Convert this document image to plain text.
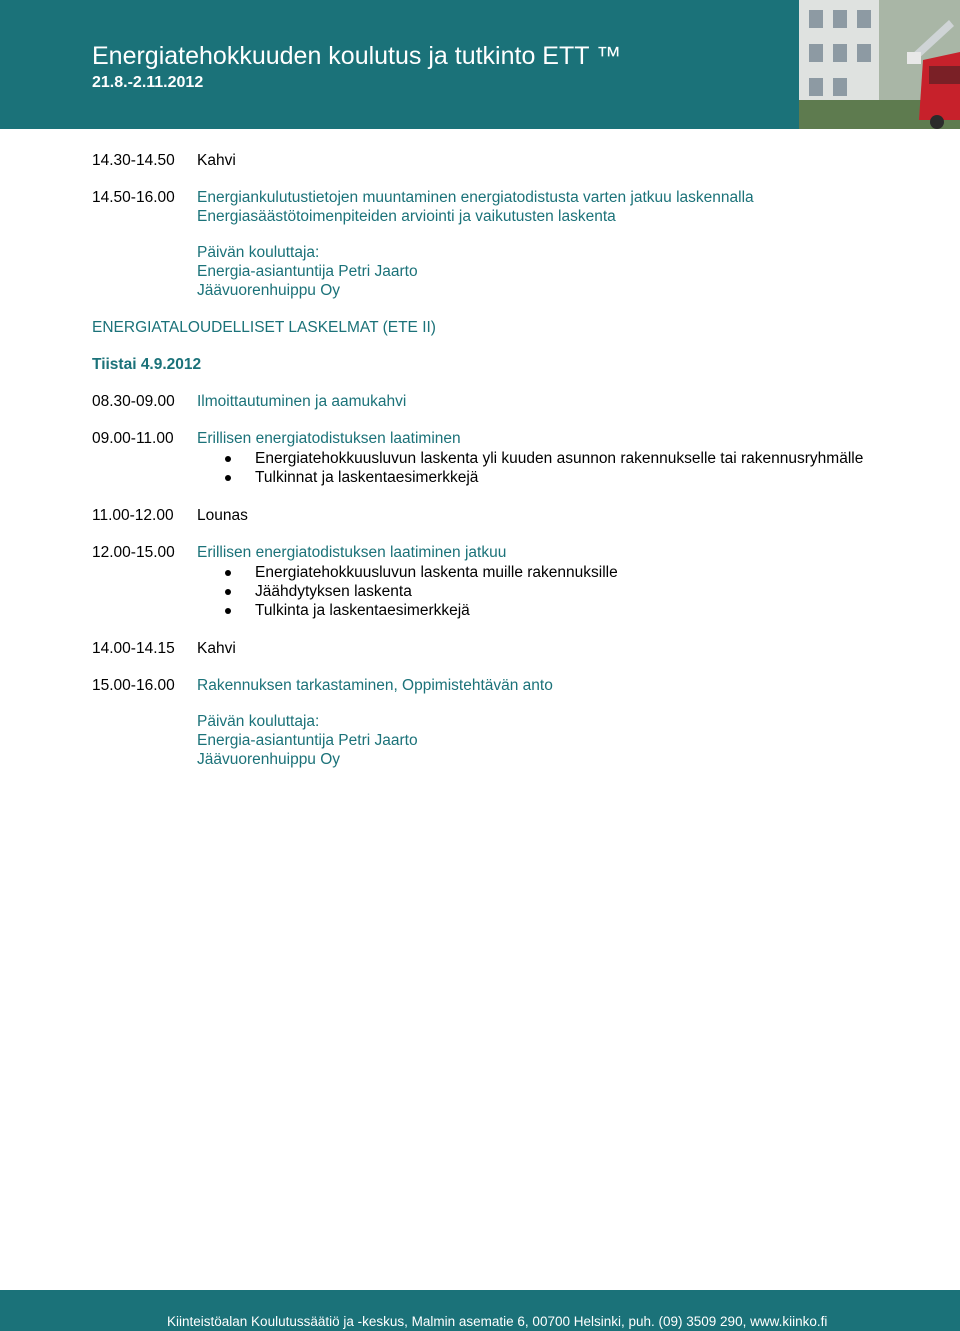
Energiatehokkuuden koulutus ja tutkinto ETT ™
21.8.-2.11.2012
14.30-14.50 Kahvi
14.50-16.00 Energiankulutustietojen muuntaminen energiatodistusta varten jatkuu laskennalla
Energiasäästötoimenpiteiden arviointi ja vaikutusten laskenta
Päivän kouluttaja:
Energia-asiantuntija Petri Jaarto
Jäävuorenhuippu Oy
ENERGIATALOUDELLISET LASKELMAT (ETE II)
Tiistai 4.9.2012
08.30-09.00 Ilmoittautuminen ja aamukahvi
09.00-11.00 Erillisen energiatodistuksen laatiminen
Energiatehokkuusluvun laskenta yli kuuden asunnon rakennukselle tai rakennusryhmälle
Tulkinnat ja laskentaesimerkkejä
11.00-12.00 Lounas
12.00-15.00 Erillisen energiatodistuksen laatiminen jatkuu
Energiatehokkuusluvun laskenta muille rakennuksille
Jäähdytyksen laskenta
Tulkinta ja laskentaesimerkkejä
14.00-14.15 Kahvi
15.00-16.00 Rakennuksen tarkastaminen, Oppimistehtävän anto
Päivän kouluttaja:
Energia-asiantuntija Petri Jaarto
Jäävuorenhuippu Oy
Kiinteistöalan Koulutussäätiö ja -keskus, Malmin asematie 6, 00700 Helsinki, puh. (09) 3509 290, www.kiinko.fi
